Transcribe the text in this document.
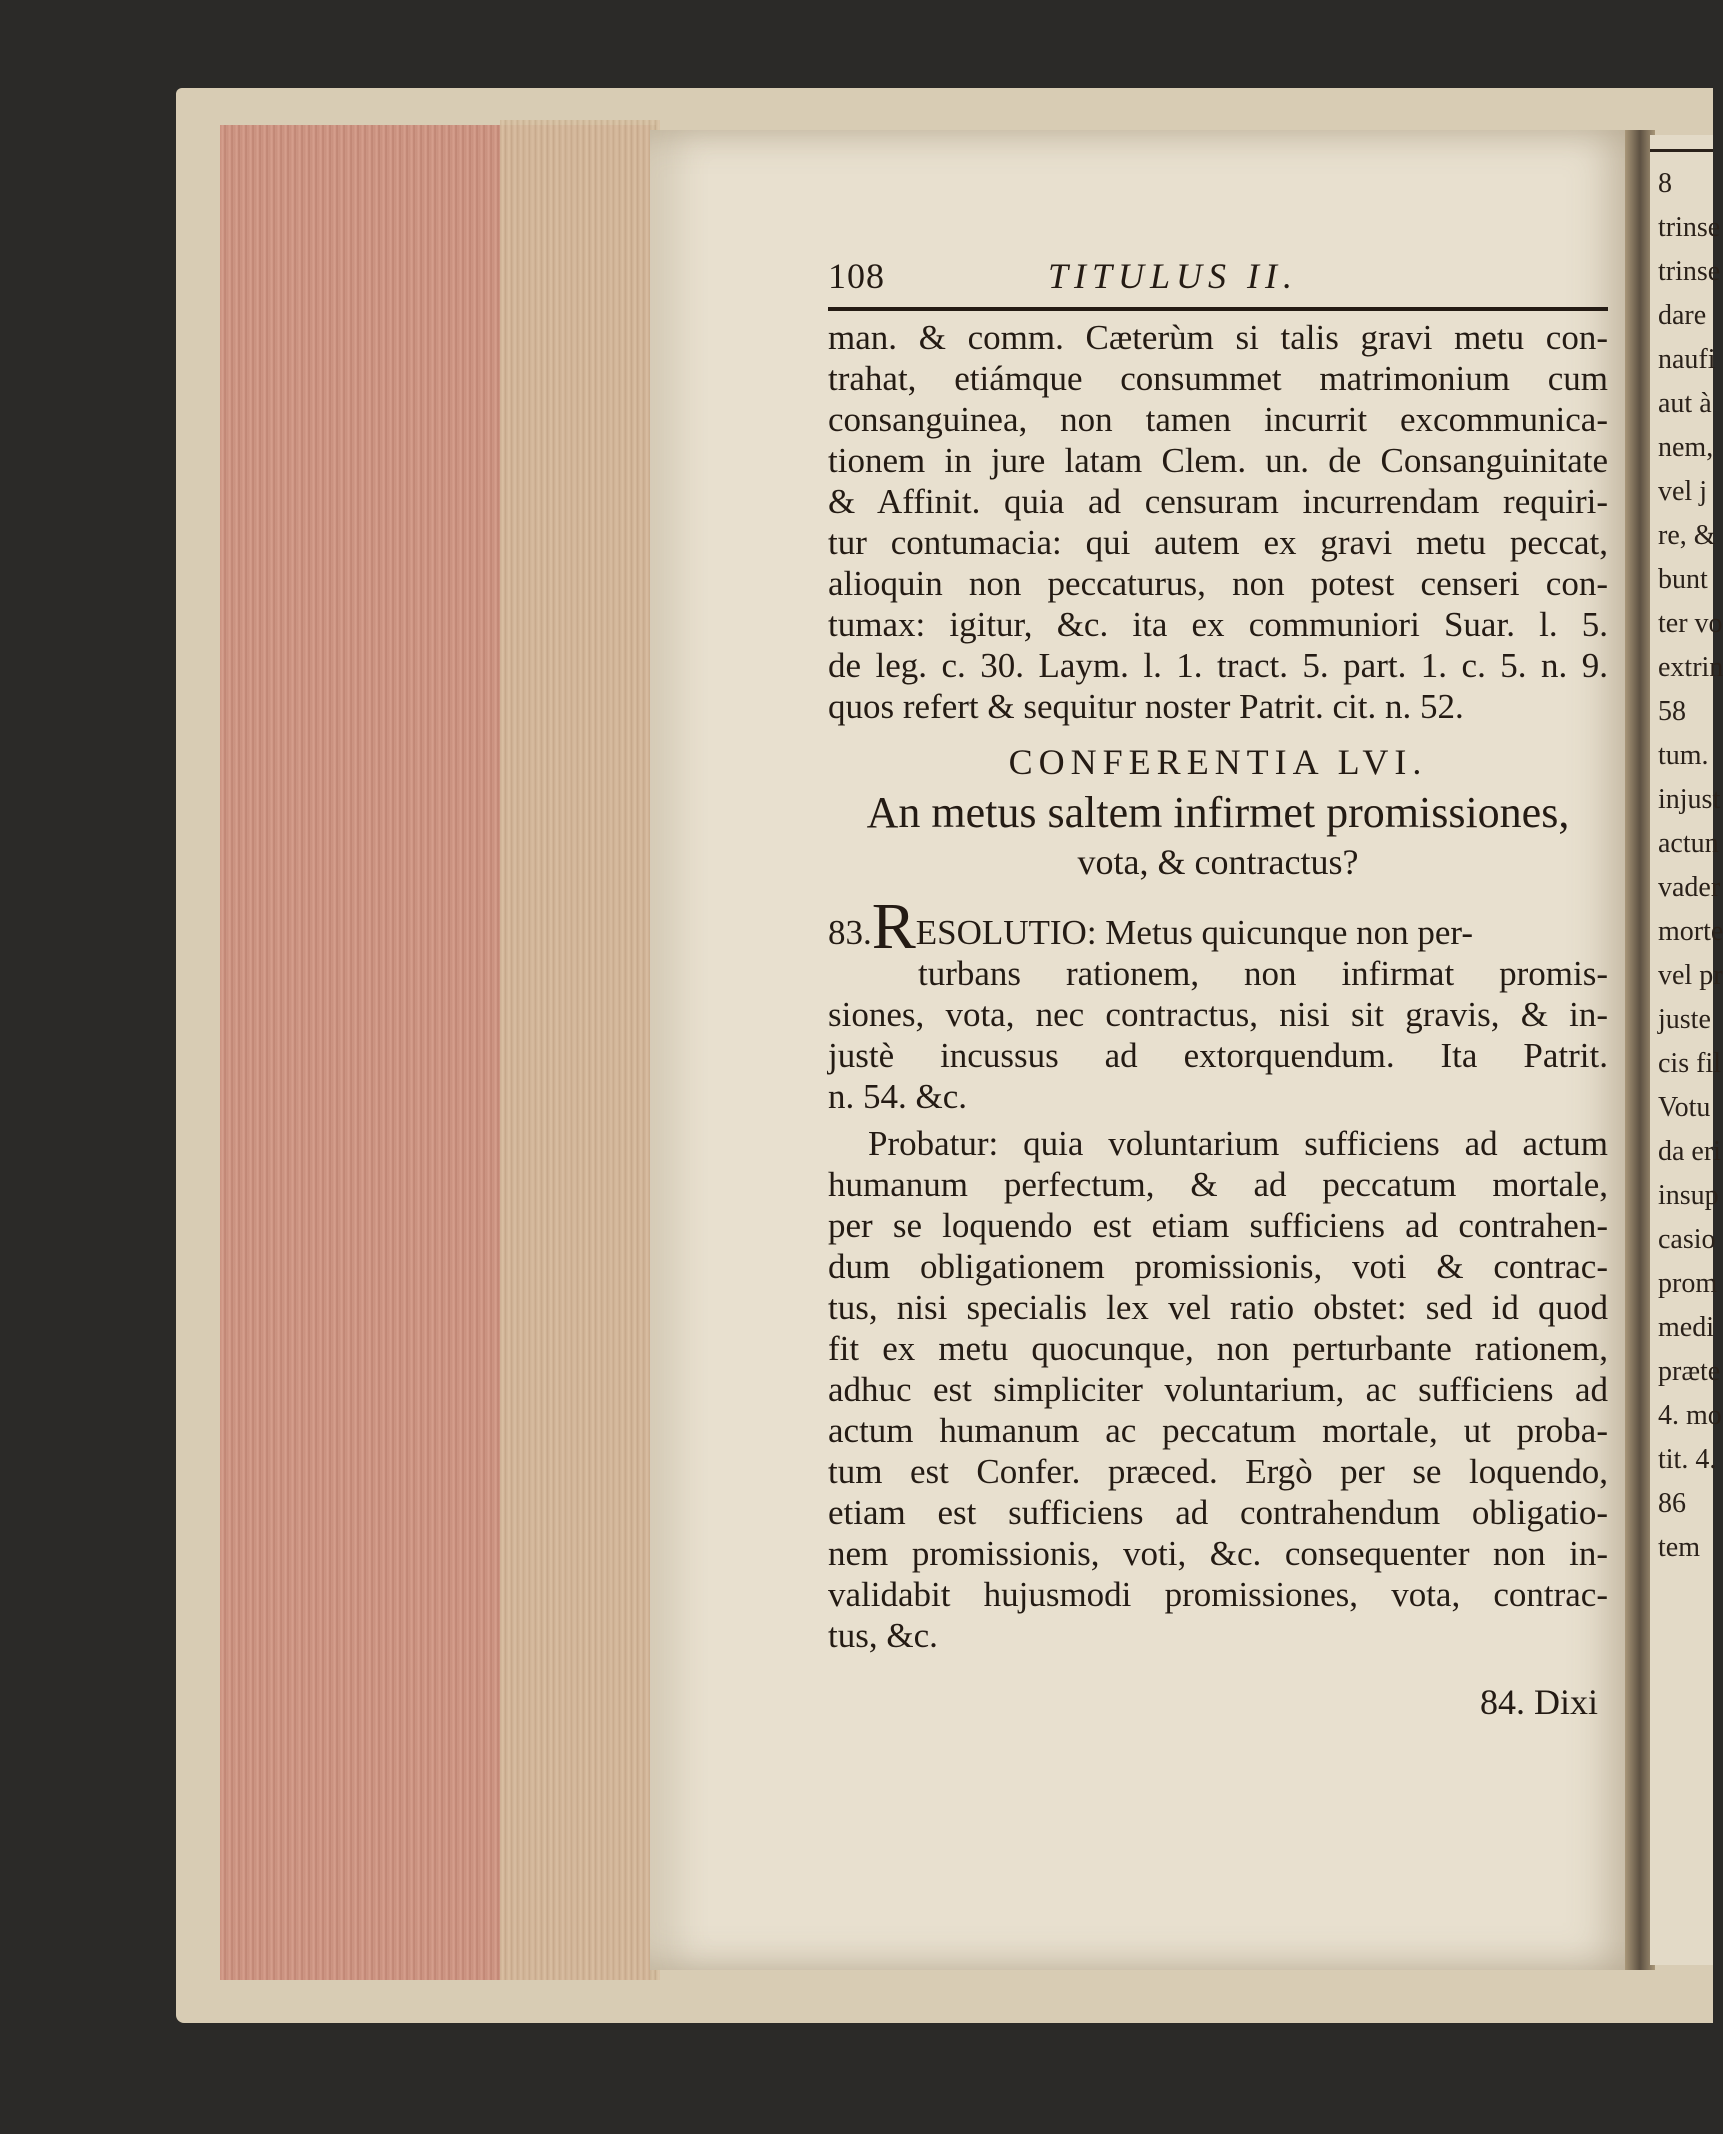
8
trinse
trinse
dare
naufi
aut à
nem,
vel j
re, &
bunt
ter vo
extrin
58
tum.
injust
actun
vader
morte
vel pr
juste
cis fil
Votu
da eri
insup
casio
prom
medi
præte
4. mo
tit. 4.
86
tem
108	TITULUS II.
man. & comm. Cæterùm si talis gravi metu con-
trahat, etiámque consummet matrimonium cum
consanguinea, non tamen incurrit excommunica-
tionem in jure latam Clem. un. de Consanguinitate
& Affinit. quia ad censuram incurrendam requiri-
tur contumacia: qui autem ex gravi metu peccat,
alioquin non peccaturus, non potest censeri con-
tumax: igitur, &c. ita ex communiori Suar. l. 5.
de leg. c. 30. Laym. l. 1. tract. 5. part. 1. c. 5. n. 9.
quos refert & sequitur noster Patrit. cit. n. 52.
CONFERENTIA LVI.
An metus saltem infirmet promissiones,
vota, & contractus?
83. R ESOLUTIO: Metus quicunque non per-
turbans rationem, non infirmat promis-
siones, vota, nec contractus, nisi sit gravis, & in-
justè incussus ad extorquendum. Ita Patrit.
n. 54. &c.
Probatur: quia voluntarium sufficiens ad actum
humanum perfectum, & ad peccatum mortale,
per se loquendo est etiam sufficiens ad contrahen-
dum obligationem promissionis, voti & contrac-
tus, nisi specialis lex vel ratio obstet: sed id quod
fit ex metu quocunque, non perturbante rationem,
adhuc est simpliciter voluntarium, ac sufficiens ad
actum humanum ac peccatum mortale, ut proba-
tum est Confer. præced. Ergò per se loquendo,
etiam est sufficiens ad contrahendum obligatio-
nem promissionis, voti, &c. consequenter non in-
validabit hujusmodi promissiones, vota, contrac-
tus, &c.
84. Dixi
